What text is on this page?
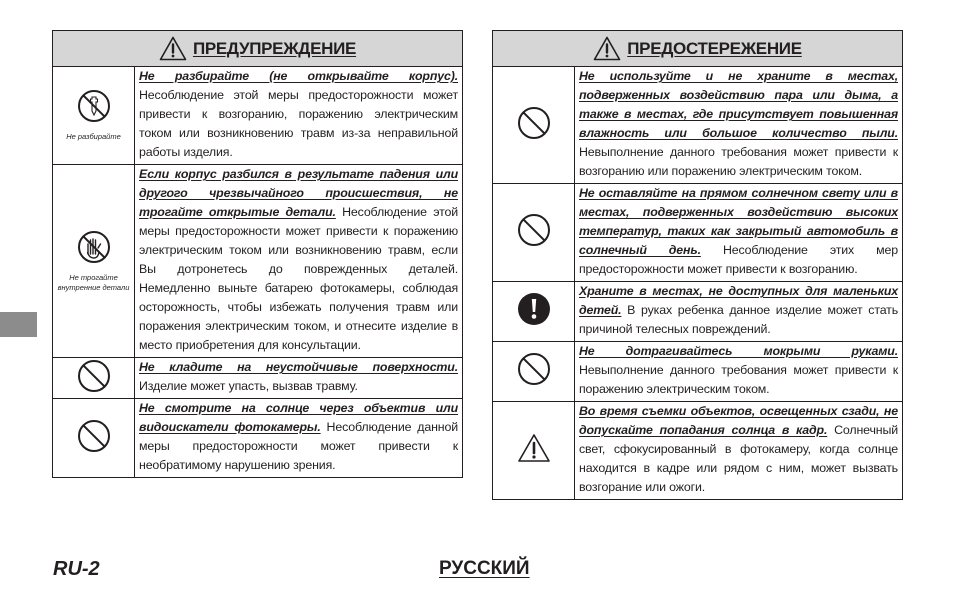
ПРЕДУПРЕЖДЕНИЕ	

Не разбирайте	Не разбирайте (не открывайте корпус). Несоблюдение этой меры предосторожности может привести к возгоранию, поражению электрическим током или возникновению травм из-за неправильной работы изделия.

Не трогайте внутренние детали	Если корпус разбился в результате падения или другого чрезвычайного происшествия, не трогайте открытые детали. Несоблюдение этой меры предосторожности может привести к поражению электрическим током или возникновению травм, если Вы дотронетесь до поврежденных деталей. Немедленно выньте батарею фотокамеры, соблюдая осторожность, чтобы избежать получения травм или поражения электрическим током, и отнесите изделие в место приобретения для консультации.
	Не кладите на неустойчивые поверхности. Изделие может упасть, вызвав травму.
	Не смотрите на солнце через объектив или видоискатели фотокамеры. Несоблюдение данной меры предосторожности может привести к необратимому нарушению зрения.
ПРЕДОСТЕРЕЖЕНИЕ	

	Не используйте и не храните в местах, подверженных воздействию пара или дыма, а также в местах, где присутствует повышенная влажность или большое количество пыли. Невыполнение данного требования может привести к возгоранию или поражению электрическим током.
	Не оставляйте на прямом солнечном свету или в местах, подверженных воздействию высоких температур, таких как закрытый автомобиль в солнечный день. Несоблюдение этих мер предосторожности может привести к возгоранию.
	Храните в местах, не доступных для маленьких детей. В руках ребенка данное изделие может стать причиной телесных повреждений.
	Не дотрагивайтесь мокрыми руками. Невыполнение данного требования может привести к поражению электрическим током.
	Во время съемки объектов, освещенных сзади, не допускайте попадания солнца в кадр. Солнечный свет, сфокусированный в фотокамеру, когда солнце находится в кадре или рядом с ним, может вызвать возгорание или ожоги.
RU-2	РУССКИЙ
